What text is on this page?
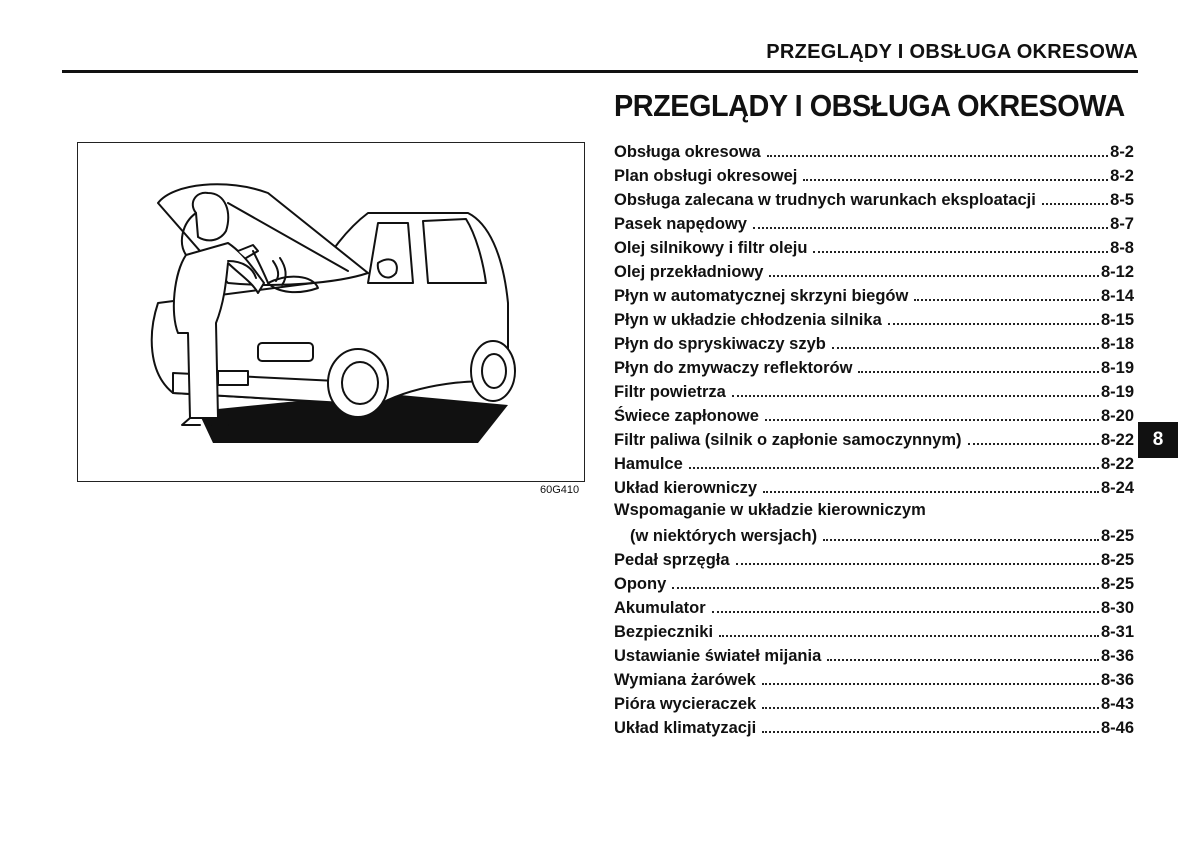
PRZEGLĄDY I OBSŁUGA OKRESOWA
60G410
PRZEGLĄDY I OBSŁUGA OKRESOWA
Obsługa okresowa	8-2
Plan obsługi okresowej	8-2
Obsługa zalecana w trudnych warunkach eksploatacji	8-5
Pasek napędowy	8-7
Olej silnikowy i filtr oleju	8-8
Olej przekładniowy	8-12
Płyn w automatycznej skrzyni biegów	8-14
Płyn w układzie chłodzenia silnika	8-15
Płyn do spryskiwaczy szyb	8-18
Płyn do zmywaczy reflektorów	8-19
Filtr powietrza	8-19
Świece zapłonowe	8-20
Filtr paliwa (silnik o zapłonie samoczynnym)	8-22
Hamulce	8-22
Układ kierowniczy	8-24
Wspomaganie w układzie kierowniczym
(w niektórych wersjach)	8-25
Pedał sprzęgła	8-25
Opony	8-25
Akumulator	8-30
Bezpieczniki	8-31
Ustawianie świateł mijania	8-36
Wymiana żarówek	8-36
Pióra wycieraczek	8-43
Układ klimatyzacji	8-46
8
